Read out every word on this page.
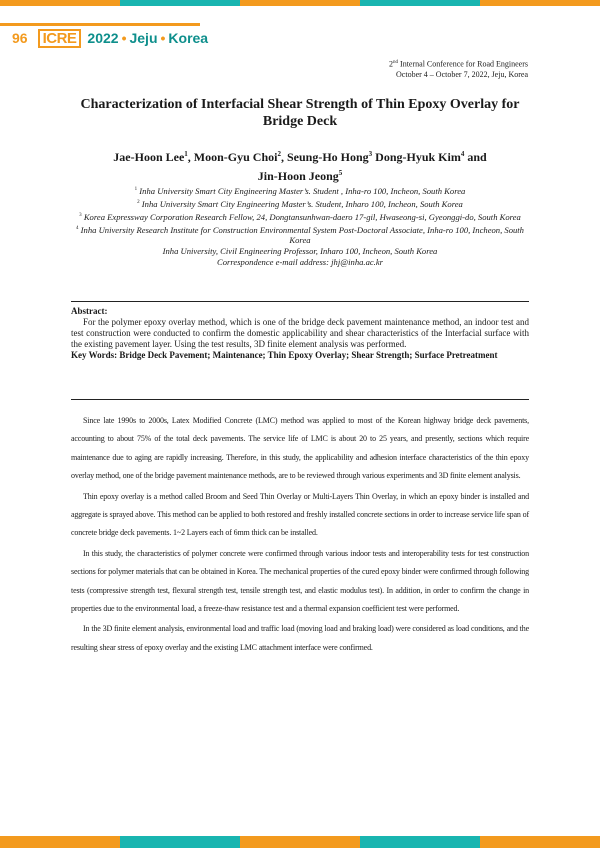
96	ICRE 2022 • Jeju • Korea
2nd Internal Conference for Road Engineers
October 4 – October 7, 2022, Jeju, Korea
Characterization of Interfacial Shear Strength of Thin Epoxy Overlay for Bridge Deck
Jae-Hoon Lee$^1$, Moon-Gyu Choi$^2$, Seung-Ho Hong$^3$ Dong-Hyuk Kim$^4$ and
Jin-Hoon Jeong$^5$
$^1$ Inha University Smart City Engineering Master’s. Student , Inha-ro 100, Incheon, South Korea
$^2$ Inha University Smart City Engineering Master’s. Student, Inharo 100, Incheon, South Korea
$^3$ Korea Expressway Corporation Research Fellow, 24, Dongtansunhwan-daero 17-gil, Hwaseong-si, Gyeonggi-do, South Korea
$^4$ Inha University Research Institute for Construction Environmental System Post-Doctoral Associate, Inha-ro 100, Incheon, South Korea
Inha University, Civil Engineering Professor, Inharo 100, Incheon, South Korea
Correspondence e-mail address: jhj@inha.ac.kr
Abstract:

For the polymer epoxy overlay method, which is one of the bridge deck pavement maintenance method, an indoor test and test construction were conducted to confirm the domestic applicability and shear characteristics of the Interfacial surface with the existing pavement layer. Using the test results, 3D finite element analysis was performed.

Key Words: Bridge Deck Pavement; Maintenance; Thin Epoxy Overlay; Shear Strength; Surface Pretreatment

Since late 1990s to 2000s, Latex Modified Concrete (LMC) method was applied to most of the Korean highway bridge deck pavements, accounting to about 75% of the total deck pavements. The service life of LMC is about 20 to 25 years, and presently, sections which require maintenance due to aging are rapidly increasing. Therefore, in this study, the applicability and adhesion interface characteristics of the thin epoxy overlay method, one of the bridge pavement maintenance methods, are to be reviewed through various experiments and 3D finite element analysis.

Thin epoxy overlay is a method called Broom and Seed Thin Overlay or Multi-Layers Thin Overlay, in which an epoxy binder is installed and aggregate is sprayed above. This method can be applied to both restored and freshly installed concrete sections in order to increase service life span of concrete bridge deck pavements. 1~2 Layers each of 6mm thick can be installed.

In this study, the characteristics of polymer concrete were confirmed through various indoor tests and interoperability tests for test construction sections for polymer materials that can be obtained in Korea. The mechanical properties of the cured epoxy binder were confirmed through following tests (compressive strength test, flexural strength test, tensile strength test, and elastic modulus test). In addition, in order to confirm the change in properties due to the environmental load, a freeze-thaw resistance test and a thermal expansion coefficient test were performed.

In the 3D finite element analysis, environmental load and traffic load (moving load and braking load) were considered as load conditions, and the resulting shear stress of epoxy overlay and the existing LMC attachment interface were confirmed.
